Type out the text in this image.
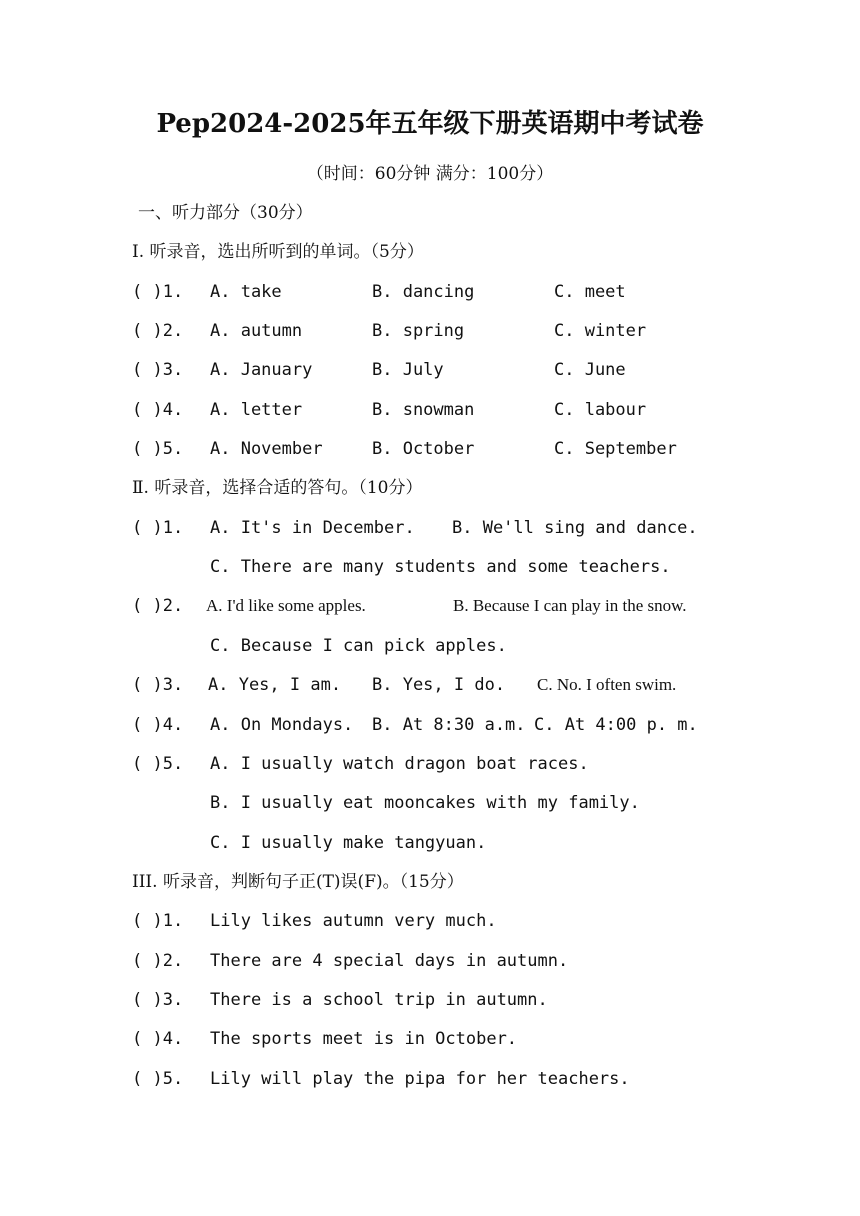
Pep2024-2025年五年级下册英语期中考试卷
（时间：60分钟 满分：100分）
一、听力部分（30分）
Ⅰ. 听录音，选出所听到的单词。（5分）
( )1. A. take	B. dancing	C. meet
( )2. A. autumn	B. spring	C. winter
( )3. A. January	B. July	C. June
( )4. A. letter	B. snowman	C. labour
( )5. A. November	B. October	C. September
Ⅱ. 听录音，选择合适的答句。（10分）
( )1. A. It's in December. B. We'll sing and dance.
C. There are many students and some teachers.
( )2. A. I'd like some apples.	B. Because I can play in the snow.
C. Because I can pick apples.
( )3. A. Yes, I am. B. Yes, I do. C. No. I often swim.
( )4. A. On Mondays. B. At 8:30 a.m. C. At 4:00 p. m.
( )5. A. I usually watch dragon boat races.
B. I usually eat mooncakes with my family.
C. I usually make tangyuan.
III. 听录音，判断句子正(T)误(F)。（15分）
( )1. Lily likes autumn very much.
( )2. There are 4 special days in autumn.
( )3. There is a school trip in autumn.
( )4. The sports meet is in October.
( )5. Lily will play the pipa for her teachers.
